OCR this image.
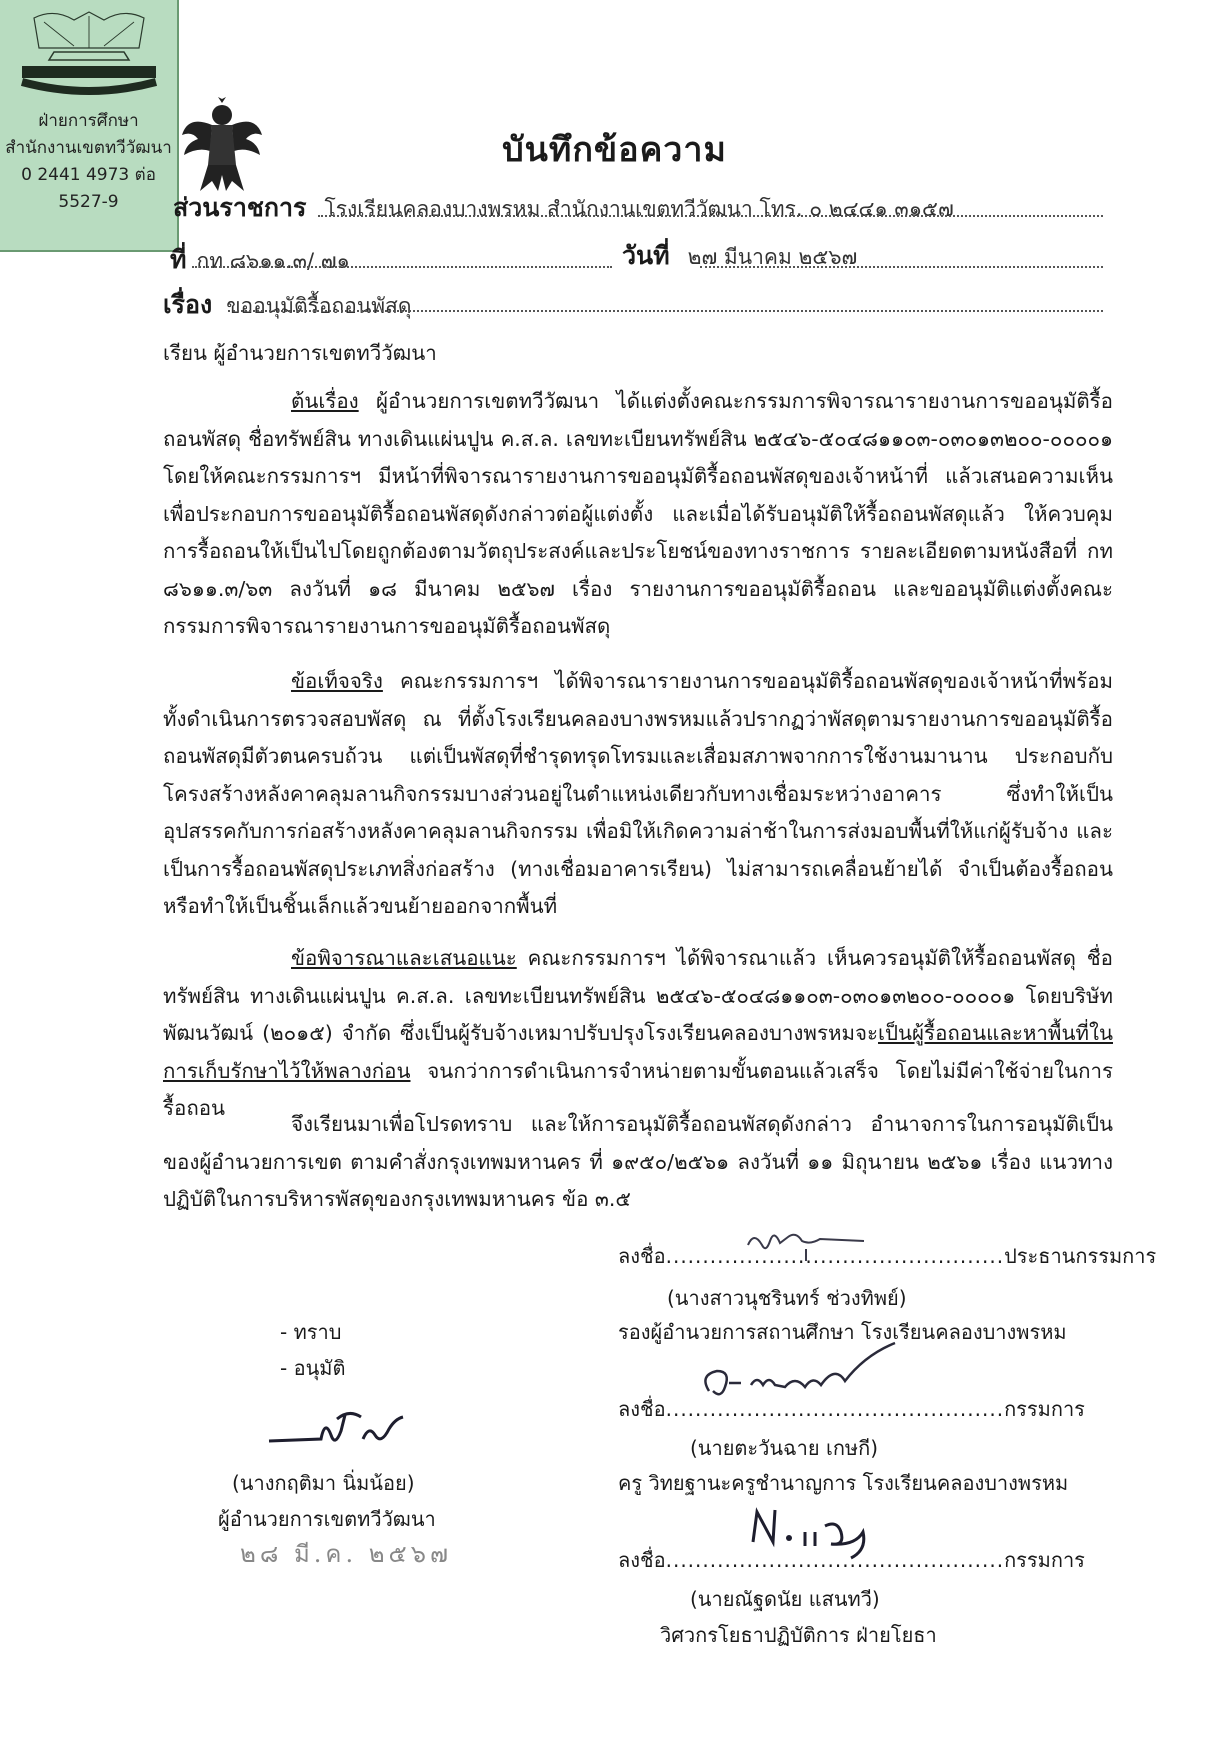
ฝ่ายการศึกษา
สำนักงานเขตทวีวัฒนา
0 2441 4973 ต่อ
5527-9
บันทึกข้อความ
ส่วนราชการ โรงเรียนคลองบางพรหม สำนักงานเขตทวีวัฒนา โทร. ๐ ๒๔๔๑ ๓๑๕๗
ที่ กท ๘๖๑๑.๓/ ๗๑	วันที่ ๒๗ มีนาคม ๒๕๖๗
เรื่อง ขออนุมัติรื้อถอนพัสดุ
เรียน ผู้อำนวยการเขตทวีวัฒนา
ต้นเรื่อง ผู้อำนวยการเขตทวีวัฒนา ได้แต่งตั้งคณะกรรมการพิจารณารายงานการขออนุมัติรื้อถอนพัสดุ ชื่อทรัพย์สิน ทางเดินแผ่นปูน ค.ส.ล. เลขทะเบียนทรัพย์สิน ๒๕๔๖-๕๐๔๘๑๑๐๓-๐๓๐๑๓๒๐๐-๐๐๐๐๑ โดยให้คณะกรรมการฯ มีหน้าที่พิจารณารายงานการขออนุมัติรื้อถอนพัสดุของเจ้าหน้าที่ แล้วเสนอความเห็นเพื่อประกอบการขออนุมัติรื้อถอนพัสดุดังกล่าวต่อผู้แต่งตั้ง และเมื่อได้รับอนุมัติให้รื้อถอนพัสดุแล้ว ให้ควบคุมการรื้อถอนให้เป็นไปโดยถูกต้องตามวัตถุประสงค์และประโยชน์ของทางราชการ รายละเอียดตามหนังสือที่ กท ๘๖๑๑.๓/๖๓ ลงวันที่ ๑๘ มีนาคม ๒๕๖๗ เรื่อง รายงานการขออนุมัติรื้อถอน และขออนุมัติแต่งตั้งคณะกรรมการพิจารณารายงานการขออนุมัติรื้อถอนพัสดุ
ข้อเท็จจริง คณะกรรมการฯ ได้พิจารณารายงานการขออนุมัติรื้อถอนพัสดุของเจ้าหน้าที่พร้อมทั้งดำเนินการตรวจสอบพัสดุ ณ ที่ตั้งโรงเรียนคลองบางพรหมแล้วปรากฏว่าพัสดุตามรายงานการขออนุมัติรื้อถอนพัสดุมีตัวตนครบถ้วน แต่เป็นพัสดุที่ชำรุดทรุดโทรมและเสื่อมสภาพจากการใช้งานมานาน ประกอบกับโครงสร้างหลังคาคลุมลานกิจกรรมบางส่วนอยู่ในตำแหน่งเดียวกับทางเชื่อมระหว่างอาคาร ซึ่งทำให้เป็นอุปสรรคกับการก่อสร้างหลังคาคลุมลานกิจกรรม เพื่อมิให้เกิดความล่าช้าในการส่งมอบพื้นที่ให้แก่ผู้รับจ้าง และเป็นการรื้อถอนพัสดุประเภทสิ่งก่อสร้าง (ทางเชื่อมอาคารเรียน) ไม่สามารถเคลื่อนย้ายได้ จำเป็นต้องรื้อถอนหรือทำให้เป็นชิ้นเล็กแล้วขนย้ายออกจากพื้นที่
ข้อพิจารณาและเสนอแนะ คณะกรรมการฯ ได้พิจารณาแล้ว เห็นควรอนุมัติให้รื้อถอนพัสดุ ชื่อทรัพย์สิน ทางเดินแผ่นปูน ค.ส.ล. เลขทะเบียนทรัพย์สิน ๒๕๔๖-๕๐๔๘๑๑๐๓-๐๓๐๑๓๒๐๐-๐๐๐๐๑ โดยบริษัท พัฒนวัฒน์ (๒๐๑๕) จำกัด ซึ่งเป็นผู้รับจ้างเหมาปรับปรุงโรงเรียนคลองบางพรหมจะเป็นผู้รื้อถอนและหาพื้นที่ในการเก็บรักษาไว้ให้พลางก่อน จนกว่าการดำเนินการจำหน่ายตามขั้นตอนแล้วเสร็จ โดยไม่มีค่าใช้จ่ายในการรื้อถอน
จึงเรียนมาเพื่อโปรดทราบ และให้การอนุมัติรื้อถอนพัสดุดังกล่าว อำนาจการในการอนุมัติเป็นของผู้อำนวยการเขต ตามคำสั่งกรุงเทพมหานคร ที่ ๑๙๕๐/๒๕๖๑ ลงวันที่ ๑๑ มิถุนายน ๒๕๖๑ เรื่อง แนวทางปฏิบัติในการบริหารพัสดุของกรุงเทพมหานคร ข้อ ๓.๕
ลงชื่อ..............................................ประธานกรรมการ
(นางสาวนุชรินทร์ ช่วงทิพย์)
รองผู้อำนวยการสถานศึกษา โรงเรียนคลองบางพรหม
ลงชื่อ..............................................กรรมการ
(นายตะวันฉาย เกษกี)
ครู วิทยฐานะครูชำนาญการ โรงเรียนคลองบางพรหม
ลงชื่อ..............................................กรรมการ
(นายณัฐดนัย แสนทวี)
วิศวกรโยธาปฏิบัติการ ฝ่ายโยธา
- ทราบ
- อนุมัติ
(นางกฤติมา นิ่มน้อย)
ผู้อำนวยการเขตทวีวัฒนา
๒๘ มี.ค. ๒๕๖๗
